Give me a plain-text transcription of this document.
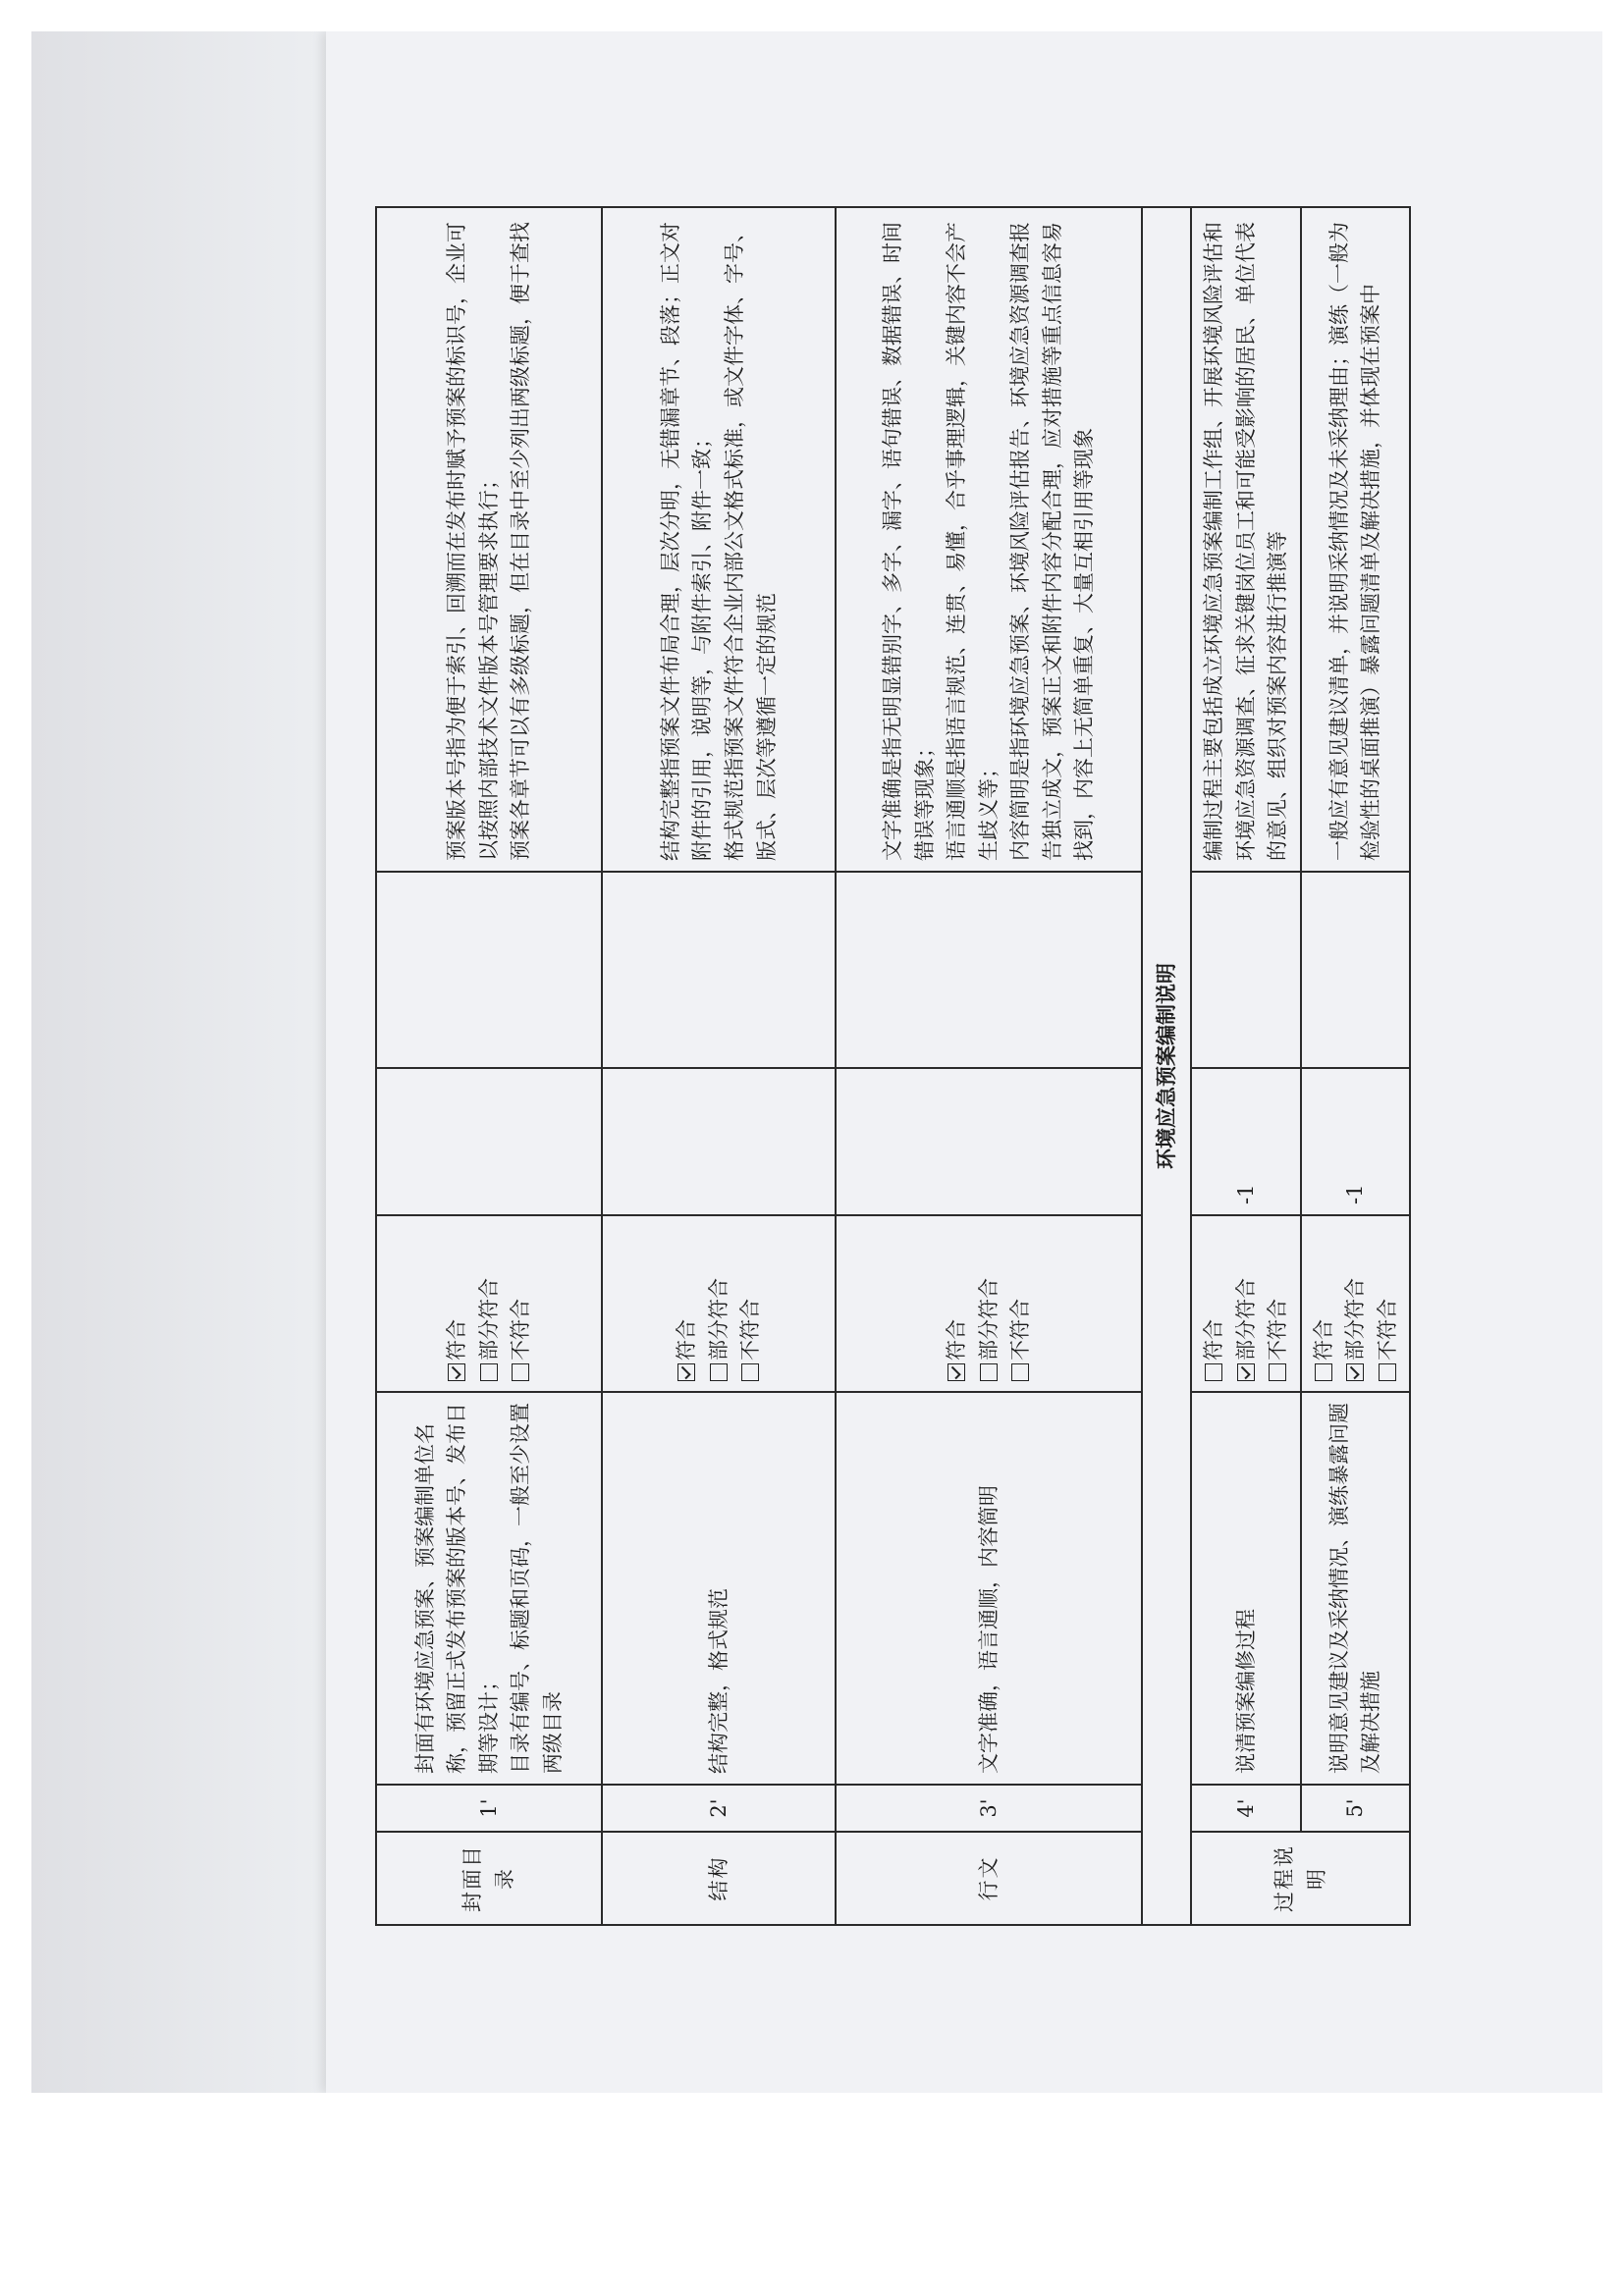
封面目录	1'	封面有环境应急预案、预案编制单位名称，预留正式发布预案的版本号、发布日期等设计； 目录有编号、标题和页码，一般至少设置两级目录	符合 部分符合 不符合			预案版本号指为便于索引、回溯而在发布时赋予预案的标识号，企业可以按照内部技术文件版本号管理要求执行； 预案各章节可以有多级标题，但在目录中至少列出两级标题，便于查找

结构	2'	结构完整，格式规范	符合 部分符合 不符合			结构完整指预案文件布局合理，层次分明，无错漏章节、段落；正文对附件的引用，说明等，与附件索引、附件一致； 格式规范指预案文件符合企业内部公文格式标准，或文件字体、字号、版式、层次等遵循一定的规范

行文	3'	文字准确，语言通顺，内容简明	符合 部分符合 不符合			文字准确是指无明显错别字、多字、漏字、语句错误、数据错误、时间错误等现象； 语言通顺是指语言规范、连贯、易懂，合乎事理逻辑，关键内容不会产生歧义等； 内容简明是指环境应急预案、环境风险评估报告、环境应急资源调查报告独立成文，预案正文和附件内容分配合理，应对措施等重点信息容易找到，内容上无简单重复、大量互相引用等现象

环境应急预案编制说明						
过程说明	4'	说清预案编修过程	符合 部分符合 不符合	-1		编制过程主要包括成立环境应急预案编制工作组、开展环境风险评估和环境应急资源调查、征求关键岗位员工和可能受影响的居民、单位代表的意见、组织对预案内容进行推演等

	5'	说明意见建议及采纳情况、演练暴露问题及解决措施	符合 部分符合 不符合	-1		一般应有意见建议清单，并说明采纳情况及未采纳理由；演练（一般为检验性的桌面推演）暴露问题清单及解决措施，并体现在预案中
